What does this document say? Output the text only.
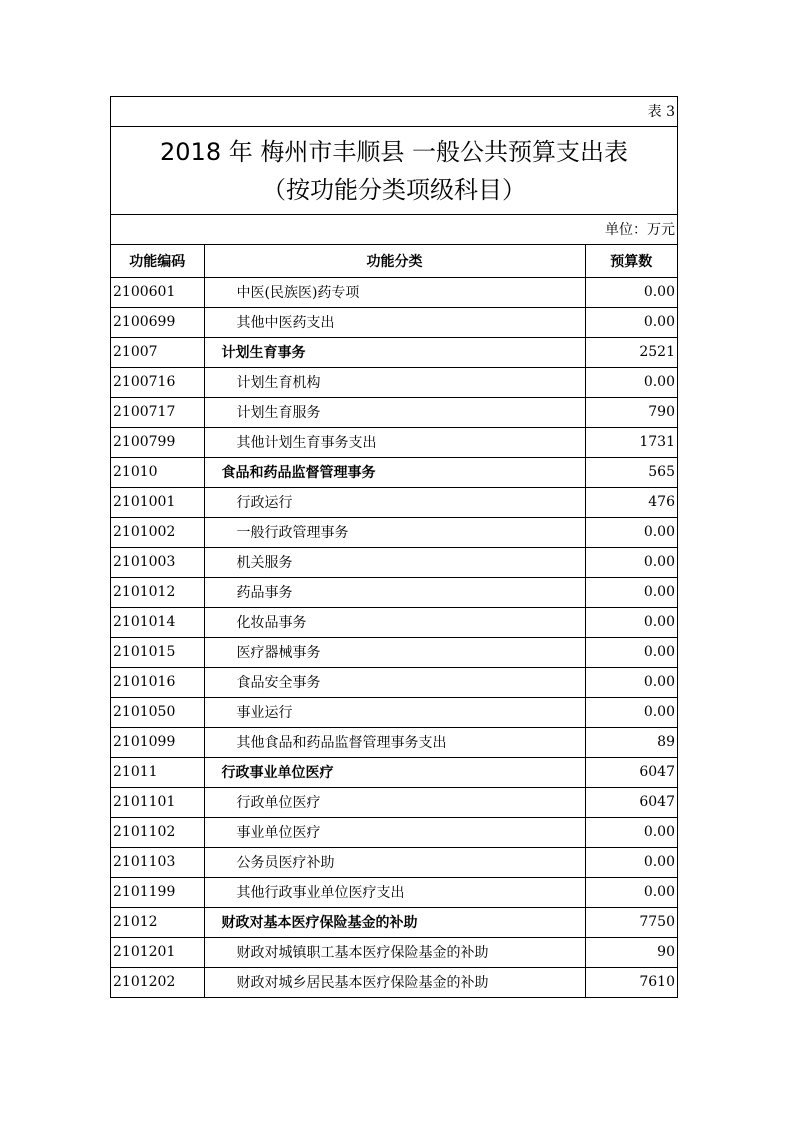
表 3
2018 年 梅州市丰顺县 一般公共预算支出表
（按功能分类项级科目）
单位：万元
功能编码	功能分类	预算数
2100601	中医(民族医)药专项	0.00
2100699	其他中医药支出	0.00
21007	计划生育事务	2521
2100716	计划生育机构	0.00
2100717	计划生育服务	790
2100799	其他计划生育事务支出	1731
21010	食品和药品监督管理事务	565
2101001	行政运行	476
2101002	一般行政管理事务	0.00
2101003	机关服务	0.00
2101012	药品事务	0.00
2101014	化妆品事务	0.00
2101015	医疗器械事务	0.00
2101016	食品安全事务	0.00
2101050	事业运行	0.00
2101099	其他食品和药品监督管理事务支出	89
21011	行政事业单位医疗	6047
2101101	行政单位医疗	6047
2101102	事业单位医疗	0.00
2101103	公务员医疗补助	0.00
2101199	其他行政事业单位医疗支出	0.00
21012	财政对基本医疗保险基金的补助	7750
2101201	财政对城镇职工基本医疗保险基金的补助	90
2101202	财政对城乡居民基本医疗保险基金的补助	7610
